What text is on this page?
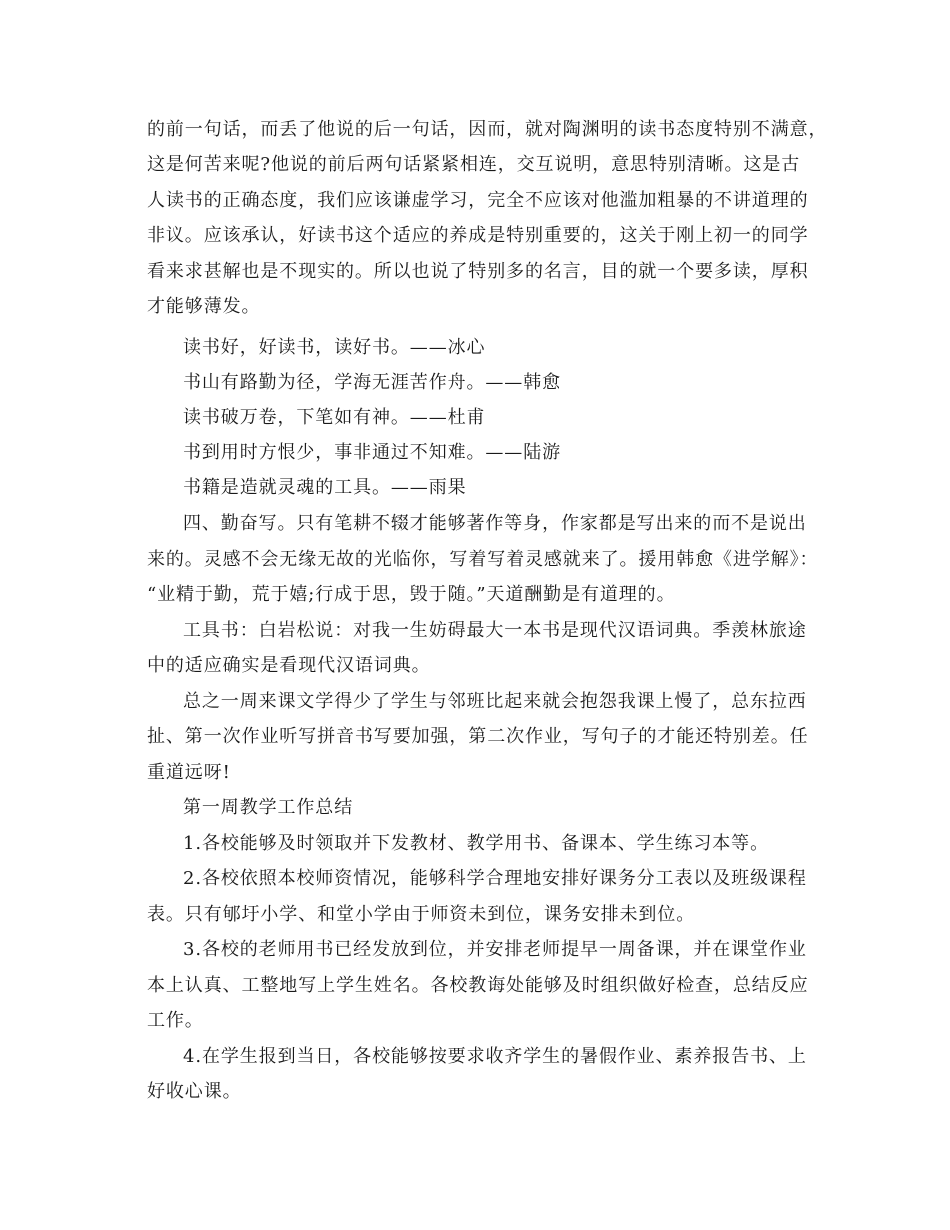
的前一句话，而丢了他说的后一句话，因而，就对陶渊明的读书态度特别不满意，
这是何苦来呢?他说的前后两句话紧紧相连，交互说明，意思特别清晰。这是古
人读书的正确态度，我们应该谦虚学习，完全不应该对他滥加粗暴的不讲道理的
非议。应该承认，好读书这个适应的养成是特别重要的，这关于刚上初一的同学
看来求甚解也是不现实的。所以也说了特别多的名言，目的就一个要多读，厚积
才能够薄发。
读书好，好读书，读好书。——冰心
书山有路勤为径，学海无涯苦作舟。——韩愈
读书破万卷，下笔如有神。——杜甫
书到用时方恨少，事非通过不知难。——陆游
书籍是造就灵魂的工具。——雨果
四、勤奋写。只有笔耕不辍才能够著作等身，作家都是写出来的而不是说出
来的。灵感不会无缘无故的光临你，写着写着灵感就来了。援用韩愈《进学解》：
“业精于勤，荒于嬉;行成于思，毁于随。”天道酬勤是有道理的。
工具书：白岩松说：对我一生妨碍最大一本书是现代汉语词典。季羡林旅途
中的适应确实是看现代汉语词典。
总之一周来课文学得少了学生与邻班比起来就会抱怨我课上慢了，总东拉西
扯、第一次作业听写拼音书写要加强，第二次作业，写句子的才能还特别差。任
重道远呀!
第一周教学工作总结
1.各校能够及时领取并下发教材、教学用书、备课本、学生练习本等。
2.各校依照本校师资情况，能够科学合理地安排好课务分工表以及班级课程
表。只有郇圩小学、和堂小学由于师资未到位，课务安排未到位。
3.各校的老师用书已经发放到位，并安排老师提早一周备课，并在课堂作业
本上认真、工整地写上学生姓名。各校教诲处能够及时组织做好检查，总结反应
工作。
4.在学生报到当日，各校能够按要求收齐学生的暑假作业、素养报告书、上
好收心课。
